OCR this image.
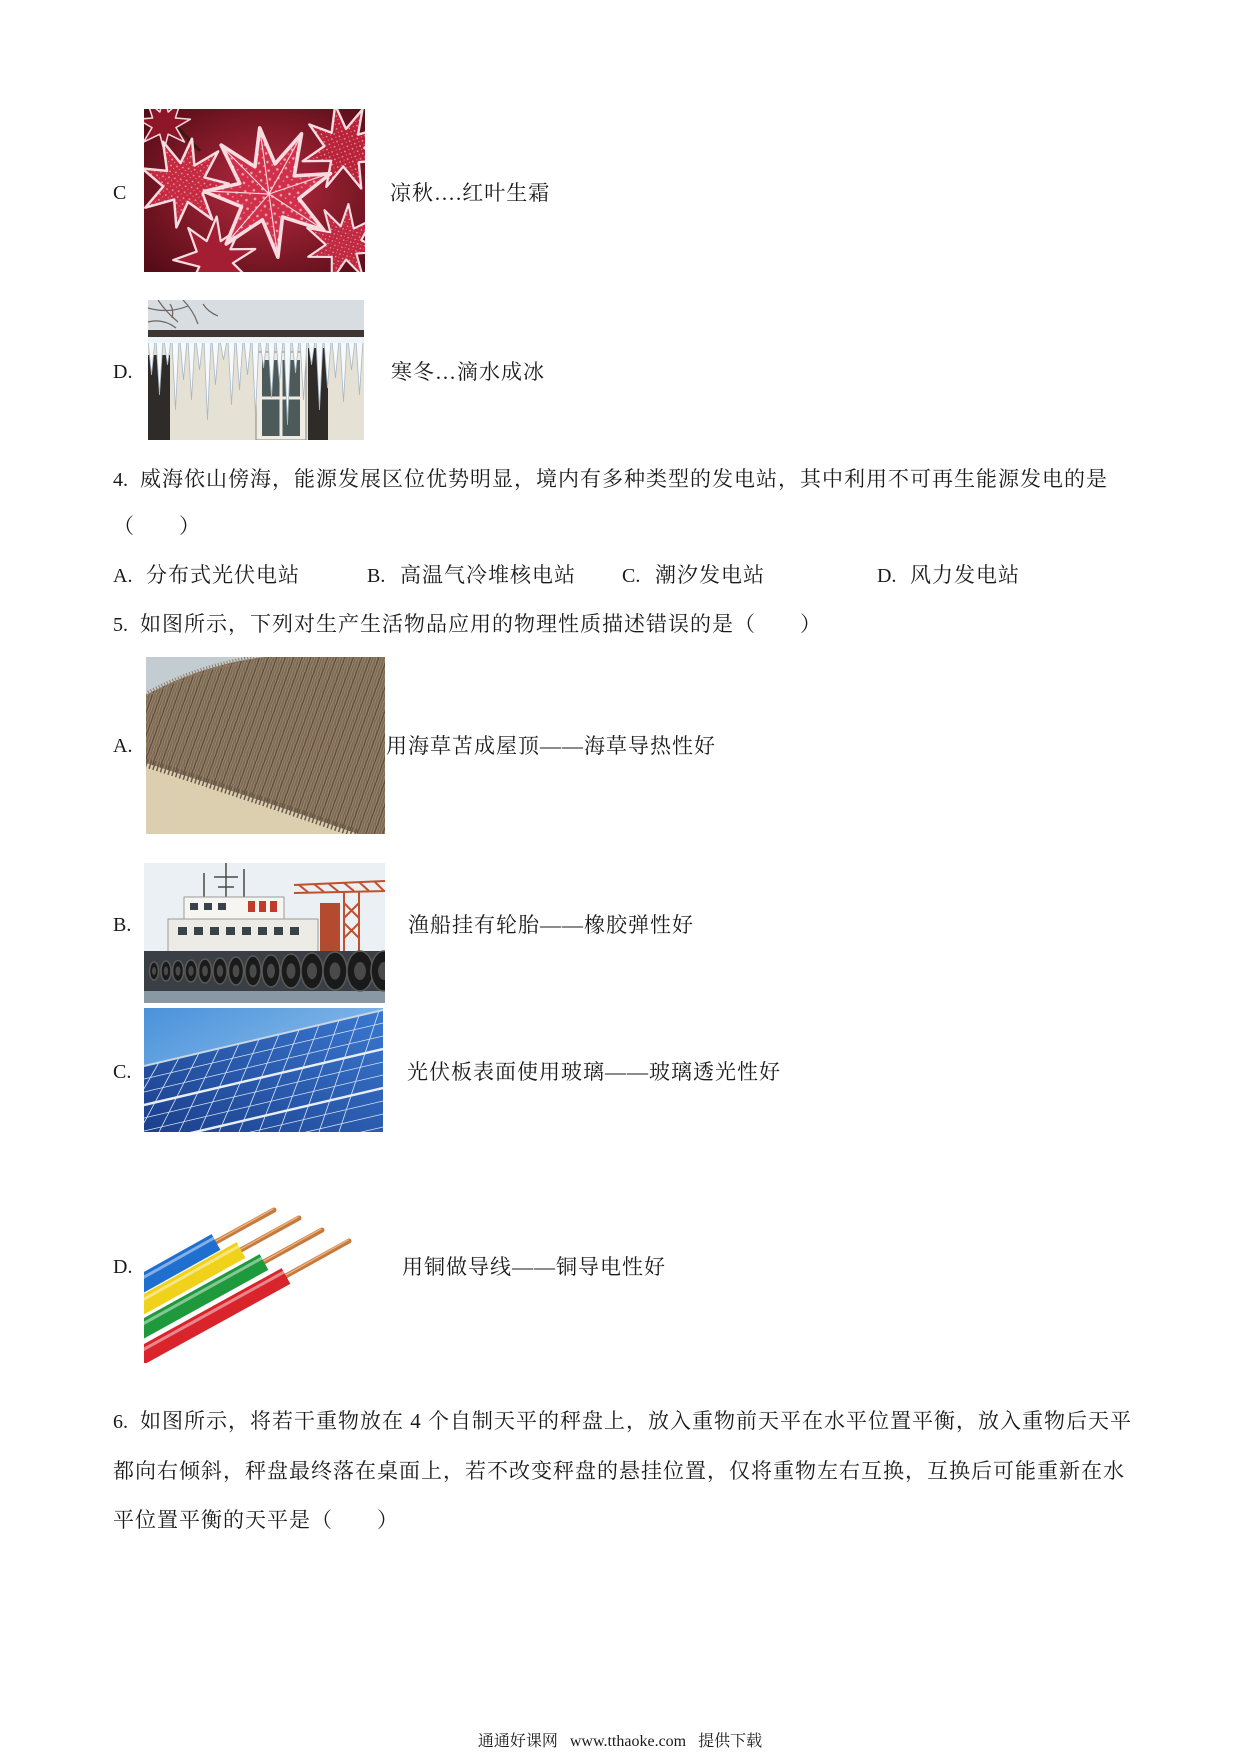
C	凉秋….红叶生霜
D.	寒冬…滴水成冰
4. 威海依山傍海，能源发展区位优势明显，境内有多种类型的发电站，其中利用不可再生能源发电的是
（　　）
A. 分布式光伏电站	B. 高温气冷堆核电站 C. 潮汐发电站	D. 风力发电站
5. 如图所示，下列对生产生活物品应用的物理性质描述错误的是（　　）
A.	用海草苫成屋顶——海草导热性好
B.	渔船挂有轮胎——橡胶弹性好
C.	光伏板表面使用玻璃——玻璃透光性好
D.	用铜做导线——铜导电性好
6. 如图所示，将若干重物放在 4 个自制天平的秤盘上，放入重物前天平在水平位置平衡，放入重物后天平
都向右倾斜，秤盘最终落在桌面上，若不改变秤盘的悬挂位置，仅将重物左右互换，互换后可能重新在水
平位置平衡的天平是（　　）
通通好课网 www.tthaoke.com 提供下载
